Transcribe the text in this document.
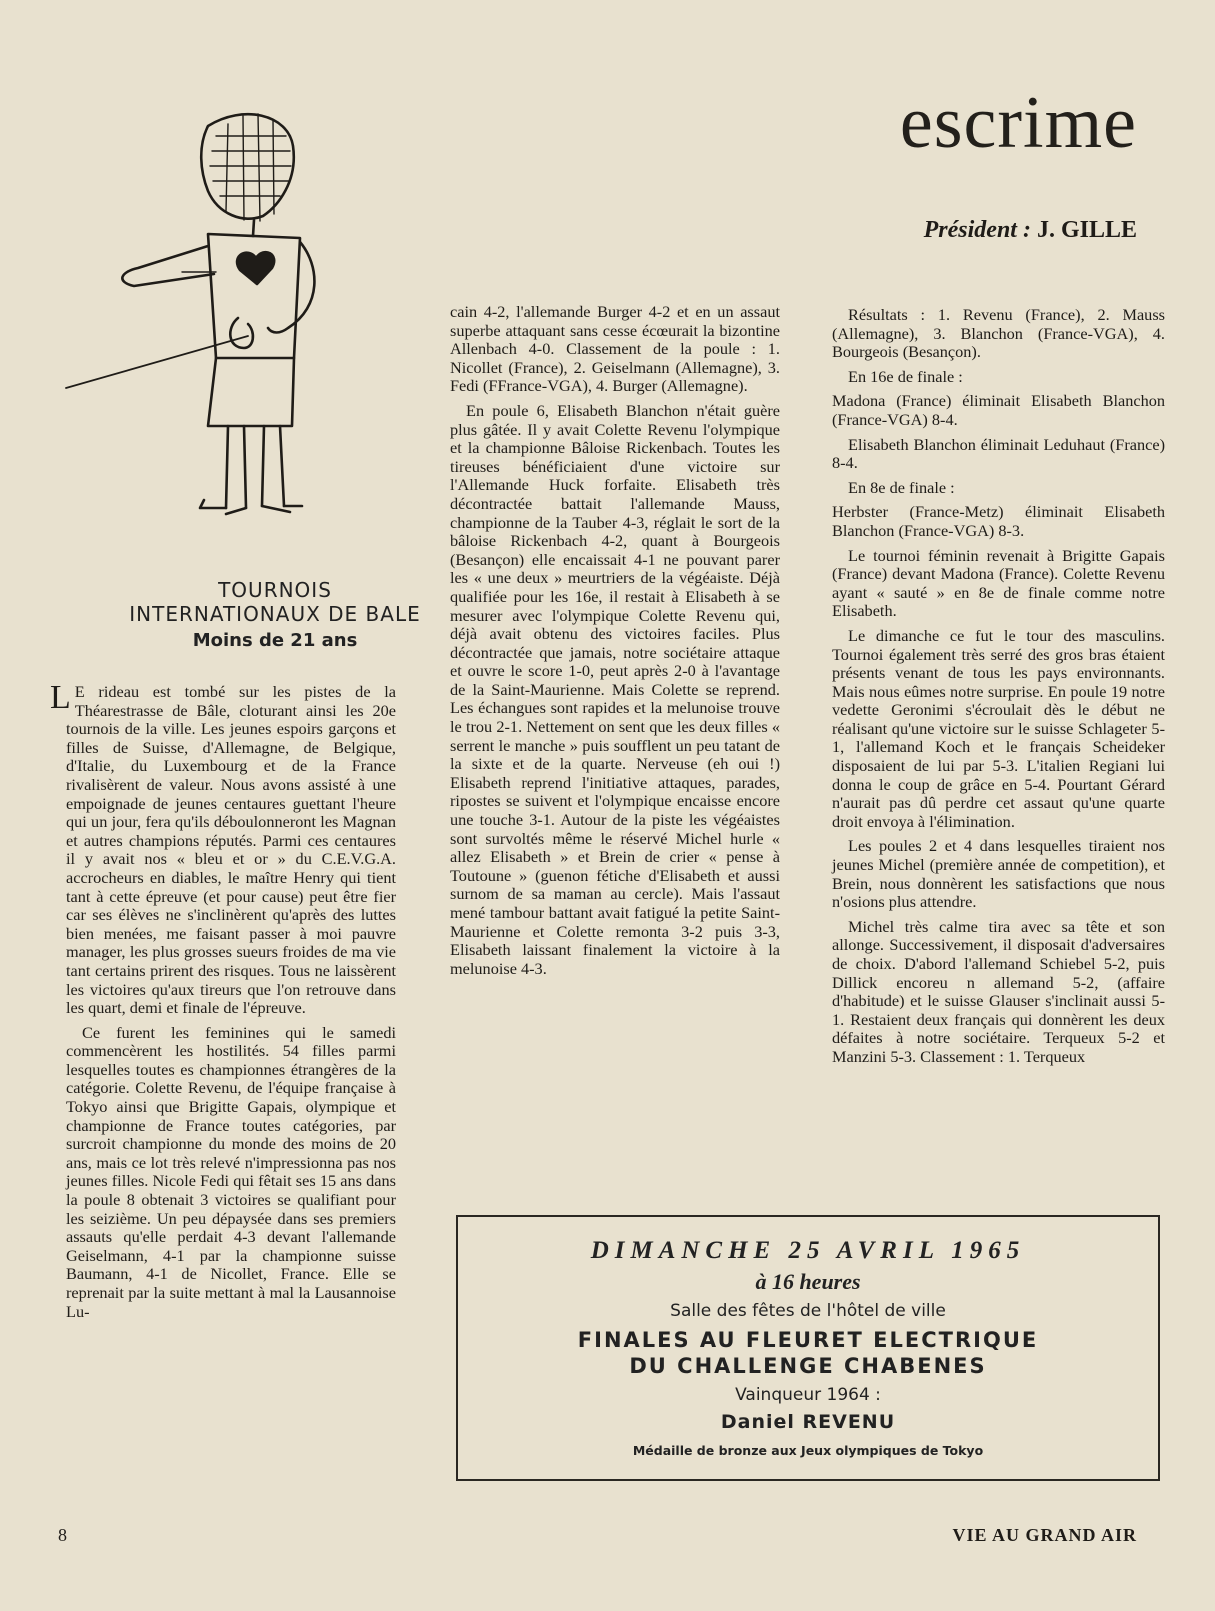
escrime
Président : J. GILLE
TOURNOIS
INTERNATIONAUX DE BALE
Moins de 21 ans

L E rideau est tombé sur les pistes de la Théarestrasse de Bâle, cloturant ainsi les 20e tournois de la ville. Les jeunes espoirs garçons et filles de Suisse, d'Allemagne, de Belgique, d'Italie, du Luxembourg et de la France rivalisèrent de valeur. Nous avons assisté à une empoignade de jeunes centaures guettant l'heure qui un jour, fera qu'ils déboulonneront les Magnan et autres champions réputés. Parmi ces centaures il y avait nos « bleu et or » du C.E.V.G.A. accrocheurs en diables, le maître Henry qui tient tant à cette épreuve (et pour cause) peut être fier car ses élèves ne s'inclinèrent qu'après des luttes bien menées, me faisant passer à moi pauvre manager, les plus grosses sueurs froides de ma vie tant certains prirent des risques. Tous ne laissèrent les victoires qu'aux tireurs que l'on retrouve dans les quart, demi et finale de l'épreuve.

Ce furent les feminines qui le samedi commencèrent les hostilités. 54 filles parmi lesquelles toutes es championnes étrangères de la catégorie. Colette Revenu, de l'équipe française à Tokyo ainsi que Brigitte Gapais, olympique et championne de France toutes catégories, par surcroit championne du monde des moins de 20 ans, mais ce lot très relevé n'impressionna pas nos jeunes filles. Nicole Fedi qui fêtait ses 15 ans dans la poule 8 obtenait 3 victoires se qualifiant pour les seizième. Un peu dépaysée dans ses premiers assauts qu'elle perdait 4-3 devant l'allemande Geiselmann, 4-1 par la championne suisse Baumann, 4-1 de Nicollet, France. Elle se reprenait par la suite mettant à mal la Lausannoise Lu-

cain 4-2, l'allemande Burger 4-2 et en un assaut superbe attaquant sans cesse écœurait la bizontine Allenbach 4-0. Classement de la poule : 1. Nicollet (France), 2. Geiselmann (Allemagne), 3. Fedi (FFrance-VGA), 4. Burger (Allemagne).

En poule 6, Elisabeth Blanchon n'était guère plus gâtée. Il y avait Colette Revenu l'olympique et la championne Bâloise Rickenbach. Toutes les tireuses bénéficiaient d'une victoire sur l'Allemande Huck forfaite. Elisabeth très décontractée battait l'allemande Mauss, championne de la Tauber 4-3, réglait le sort de la bâloise Rickenbach 4-2, quant à Bourgeois (Besançon) elle encaissait 4-1 ne pouvant parer les « une deux » meurtriers de la végéaiste. Déjà qualifiée pour les 16e, il restait à Elisabeth à se mesurer avec l'olympique Colette Revenu qui, déjà avait obtenu des victoires faciles. Plus décontractée que jamais, notre sociétaire attaque et ouvre le score 1-0, peut après 2-0 à l'avantage de la Saint-Maurienne. Mais Colette se reprend. Les échangues sont rapides et la melunoise trouve le trou 2-1. Nettement on sent que les deux filles « serrent le manche » puis soufflent un peu tatant de la sixte et de la quarte. Nerveuse (eh oui !) Elisabeth reprend l'initiative attaques, parades, ripostes se suivent et l'olympique encaisse encore une touche 3-1. Autour de la piste les végéaistes sont survoltés même le réservé Michel hurle « allez Elisabeth » et Brein de crier « pense à Toutoune » (guenon fétiche d'Elisabeth et aussi surnom de sa maman au cercle). Mais l'assaut mené tambour battant avait fatigué la petite Saint-Maurienne et Colette remonta 3-2 puis 3-3, Elisabeth laissant finalement la victoire à la melunoise 4-3.

Résultats : 1. Revenu (France), 2. Mauss (Allemagne), 3. Blanchon (France-VGA), 4. Bourgeois (Besançon).

En 16e de finale :

Madona (France) éliminait Elisabeth Blanchon (France-VGA) 8-4.

Elisabeth Blanchon éliminait Leduhaut (France) 8-4.

En 8e de finale :

Herbster (France-Metz) éliminait Elisabeth Blanchon (France-VGA) 8-3.

Le tournoi féminin revenait à Brigitte Gapais (France) devant Madona (France). Colette Revenu ayant « sauté » en 8e de finale comme notre Elisabeth.

Le dimanche ce fut le tour des masculins. Tournoi également très serré des gros bras étaient présents venant de tous les pays environnants. Mais nous eûmes notre surprise. En poule 19 notre vedette Geronimi s'écroulait dès le début ne réalisant qu'une victoire sur le suisse Schlageter 5-1, l'allemand Koch et le français Scheideker disposaient de lui par 5-3. L'italien Regiani lui donna le coup de grâce en 5-4. Pourtant Gérard n'aurait pas dû perdre cet assaut qu'une quarte droit envoya à l'élimination.

Les poules 2 et 4 dans lesquelles tiraient nos jeunes Michel (première année de competition), et Brein, nous donnèrent les satisfactions que nous n'osions plus attendre.

Michel très calme tira avec sa tête et son allonge. Successivement, il disposait d'adversaires de choix. D'abord l'allemand Schiebel 5-2, puis Dillick encoreu n allemand 5-2, (affaire d'habitude) et le suisse Glauser s'inclinait aussi 5-1. Restaient deux français qui donnèrent les deux défaites à notre sociétaire. Terqueux 5-2 et Manzini 5-3. Classement : 1. Terqueux

DIMANCHE 25 AVRIL 1965
à 16 heures
Salle des fêtes de l'hôtel de ville
FINALES AU FLEURET ELECTRIQUE
DU CHALLENGE CHABENES
Vainqueur 1964 :
Daniel REVENU
Médaille de bronze aux Jeux olympiques de Tokyo
8	VIE AU GRAND AIR
